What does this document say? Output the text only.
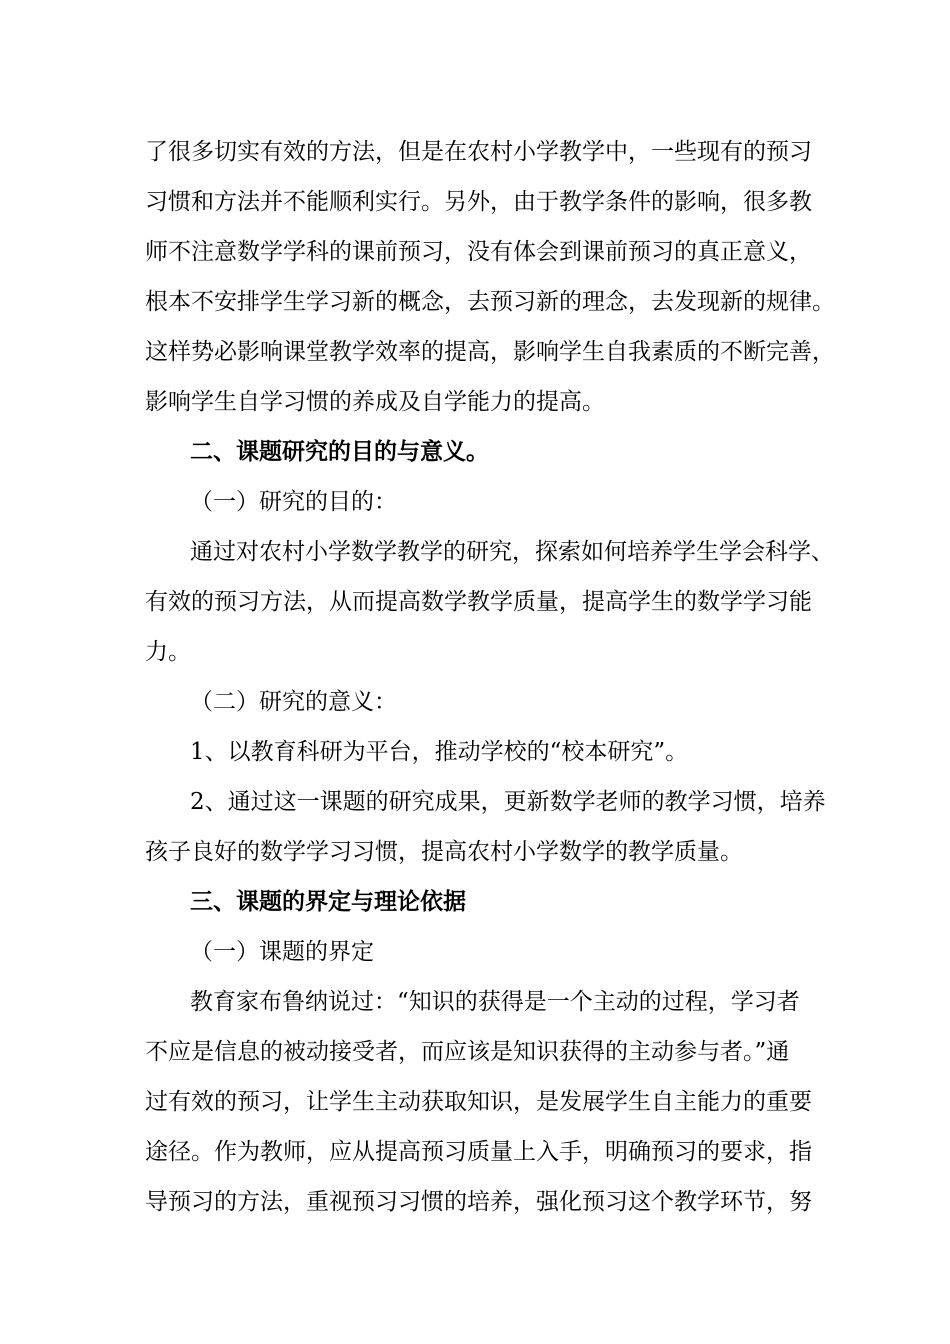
了很多切实有效的方法，但是在农村小学教学中，一些现有的预习
习惯和方法并不能顺利实行。另外，由于教学条件的影响，很多教
师不注意数学学科的课前预习，没有体会到课前预习的真正意义，
根本不安排学生学习新的概念，去预习新的理念，去发现新的规律。
这样势必影响课堂教学效率的提高，影响学生自我素质的不断完善，
影响学生自学习惯的养成及自学能力的提高。
二、课题研究的目的与意义。
（一）研究的目的：
通过对农村小学数学教学的研究，探索如何培养学生学会科学、
有效的预习方法，从而提高数学教学质量，提高学生的数学学习能
力。
（二）研究的意义：
1、以教育科研为平台，推动学校的“校本研究”。
2、通过这一课题的研究成果，更新数学老师的教学习惯，培养
孩子良好的数学学习习惯，提高农村小学数学的教学质量。
三、课题的界定与理论依据
（一）课题的界定
教育家布鲁纳说过：“知识的获得是一个主动的过程，学习者
不应是信息的被动接受者，而应该是知识获得的主动参与者。”通
过有效的预习，让学生主动获取知识，是发展学生自主能力的重要
途径。作为教师，应从提高预习质量上入手，明确预习的要求，指
导预习的方法，重视预习习惯的培养，强化预习这个教学环节，努
